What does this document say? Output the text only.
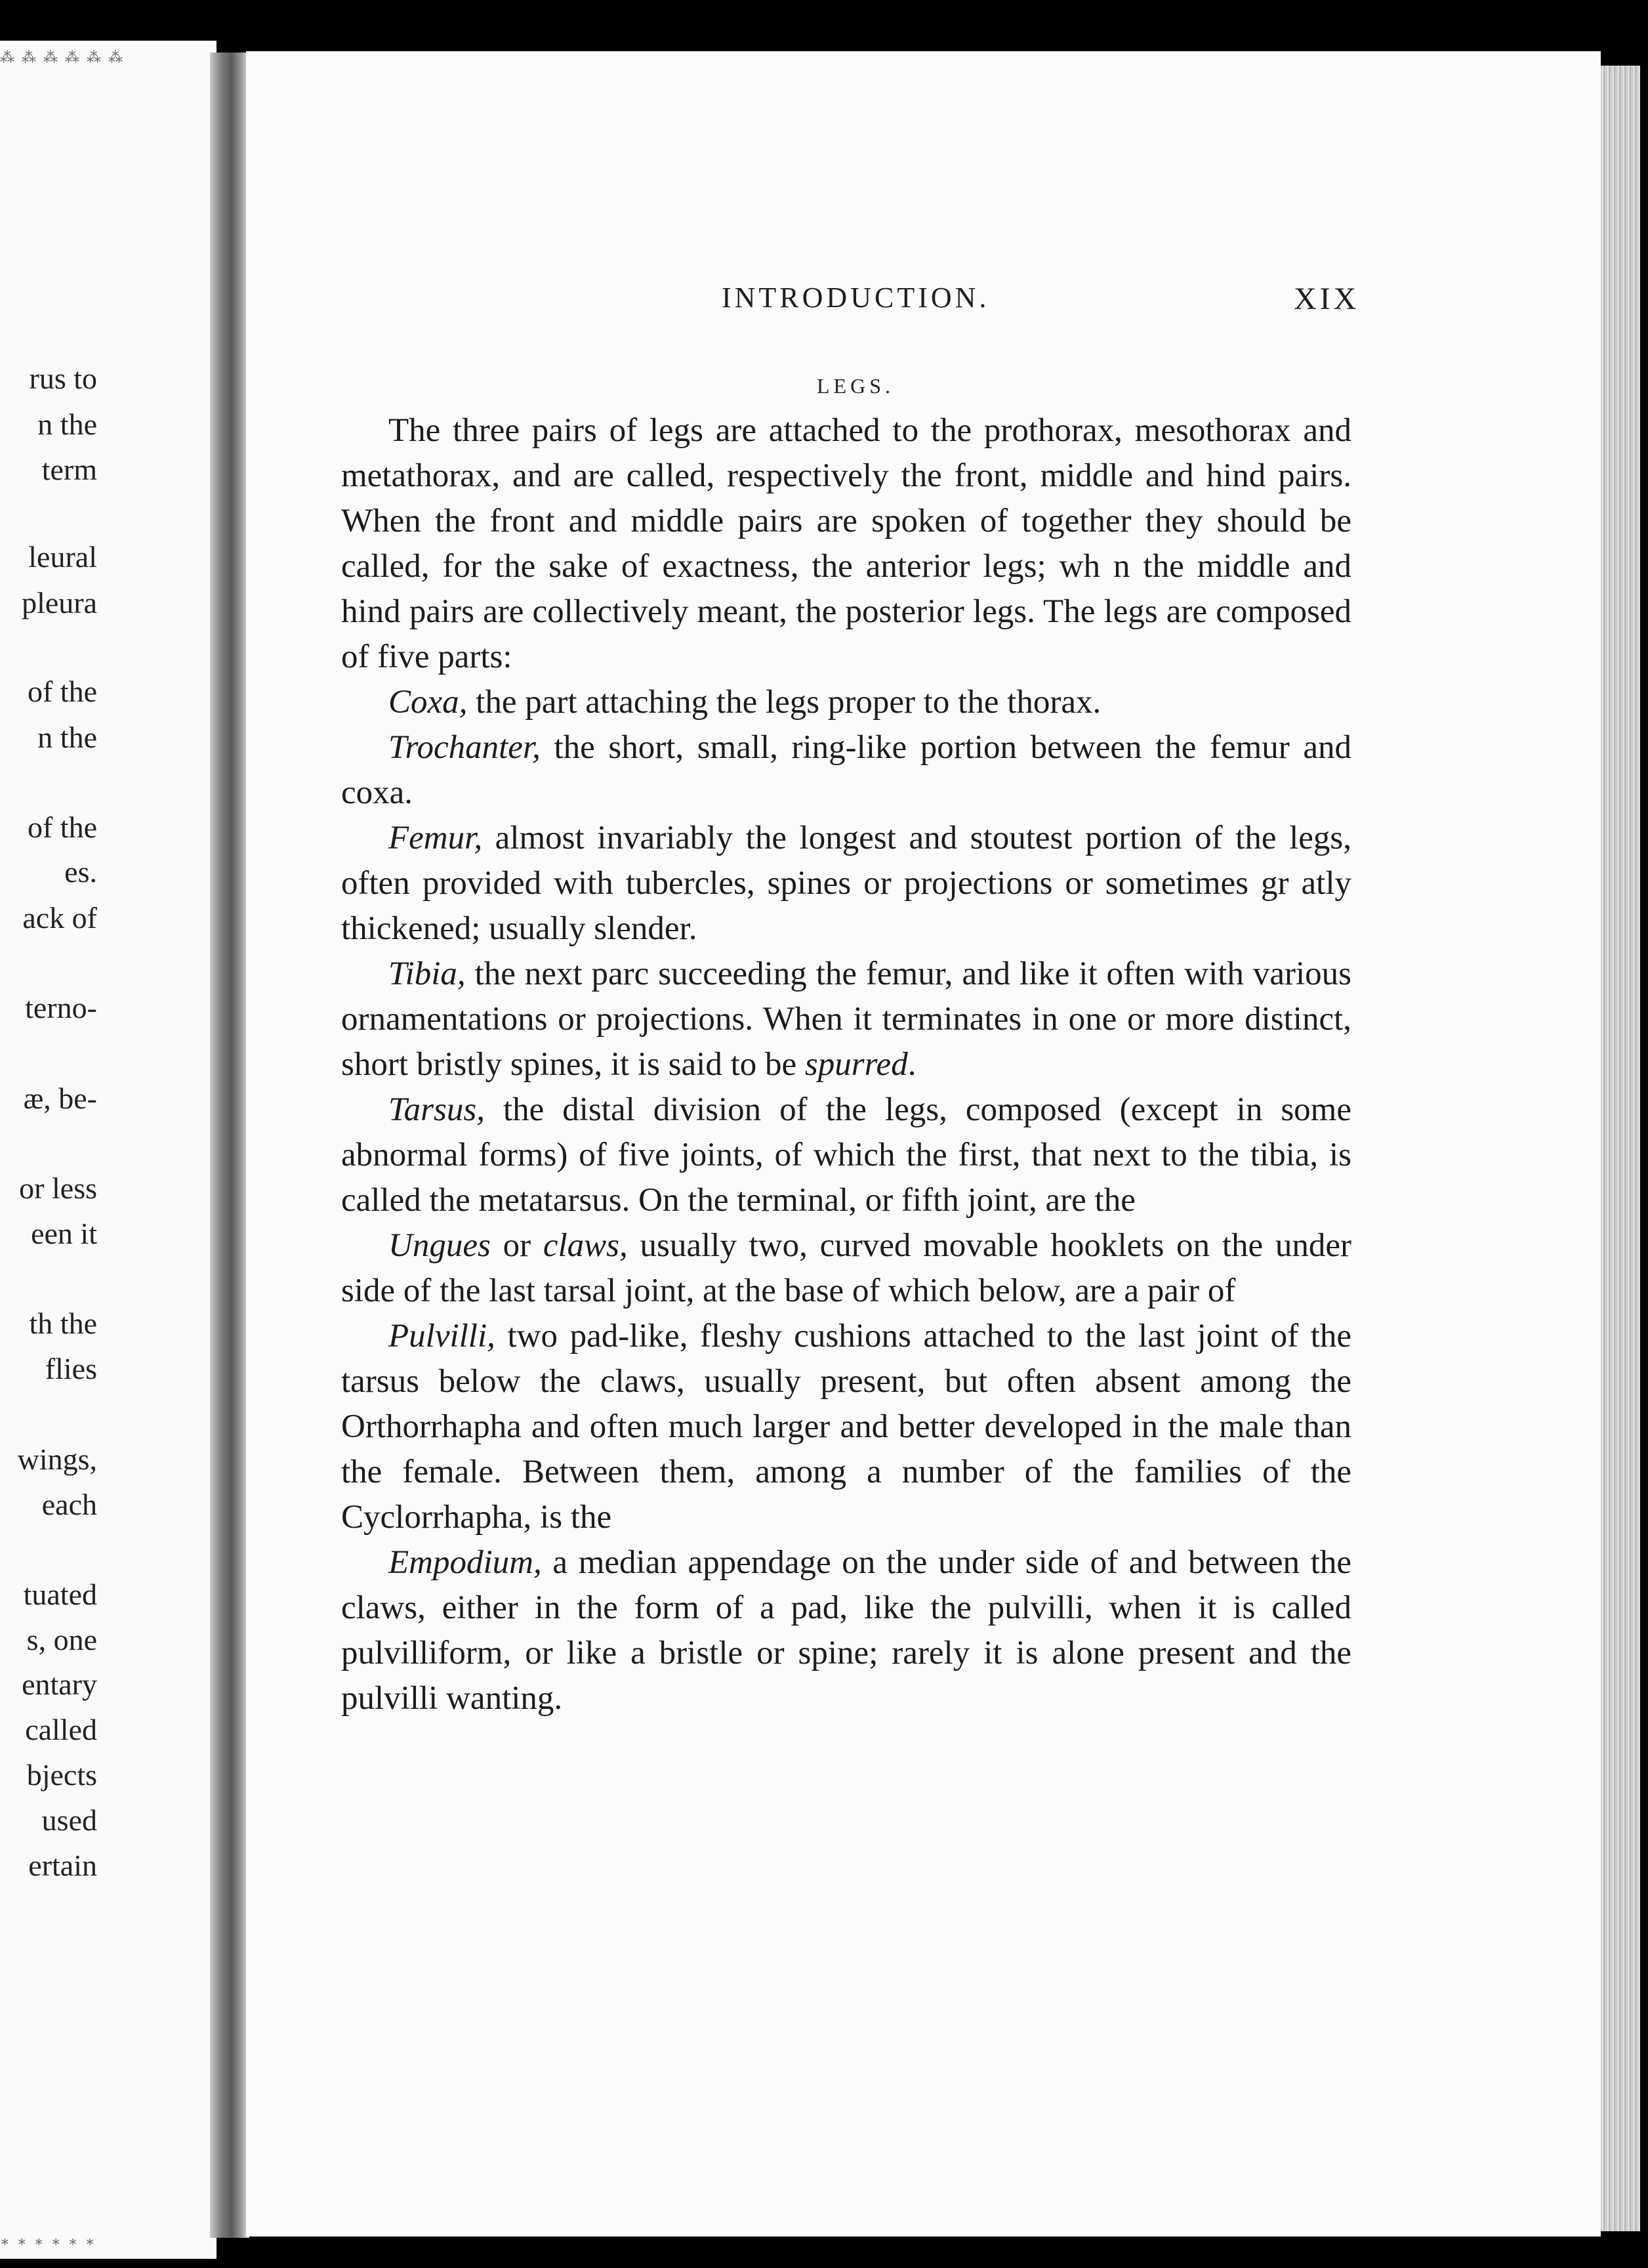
⁂ ⁂ ⁂ ⁂ ⁂ ⁂
rus to
n the
term
leural
pleura
of the
n the
of the
es.
ack of
terno-
æ, be-
or less
een it
th the
flies
wings,
each
tuated
s, one
entary
called
bjects
used
ertain
∗ ∗ ∗ ∗ ∗ ∗
INTRODUCTION.	XIX
LEGS.

The three pairs of legs are attached to the prothorax, mesothorax and metathorax, and are called, respectively the front, middle and hind pairs. When the front and middle pairs are spoken of together they should be called, for the sake of exactness, the anterior legs; wh n the middle and hind pairs are collectively meant, the posterior legs. The legs are composed of five parts:

Coxa, the part attaching the legs proper to the thorax.

Trochanter, the short, small, ring-like portion between the femur and coxa.

Femur, almost invariably the longest and stoutest portion of the legs, often provided with tubercles, spines or projections or sometimes gr atly thickened; usually slender.

Tibia, the next parc succeeding the femur, and like it often with various ornamentations or projections. When it terminates in one or more distinct, short bristly spines, it is said to be spurred.

Tarsus, the distal division of the legs, composed (except in some abnormal forms) of five joints, of which the first, that next to the tibia, is called the metatarsus. On the terminal, or fifth joint, are the

Ungues or claws, usually two, curved movable hooklets on the under side of the last tarsal joint, at the base of which below, are a pair of

Pulvilli, two pad-like, fleshy cushions attached to the last joint of the tarsus below the claws, usually present, but often absent among the Orthorrhapha and often much larger and better developed in the male than the female. Between them, among a number of the families of the Cyclorrhapha, is the

Empodium, a median appendage on the under side of and between the claws, either in the form of a pad, like the pulvilli, when it is called pulvilliform, or like a bristle or spine; rarely it is alone present and the pulvilli wanting.
